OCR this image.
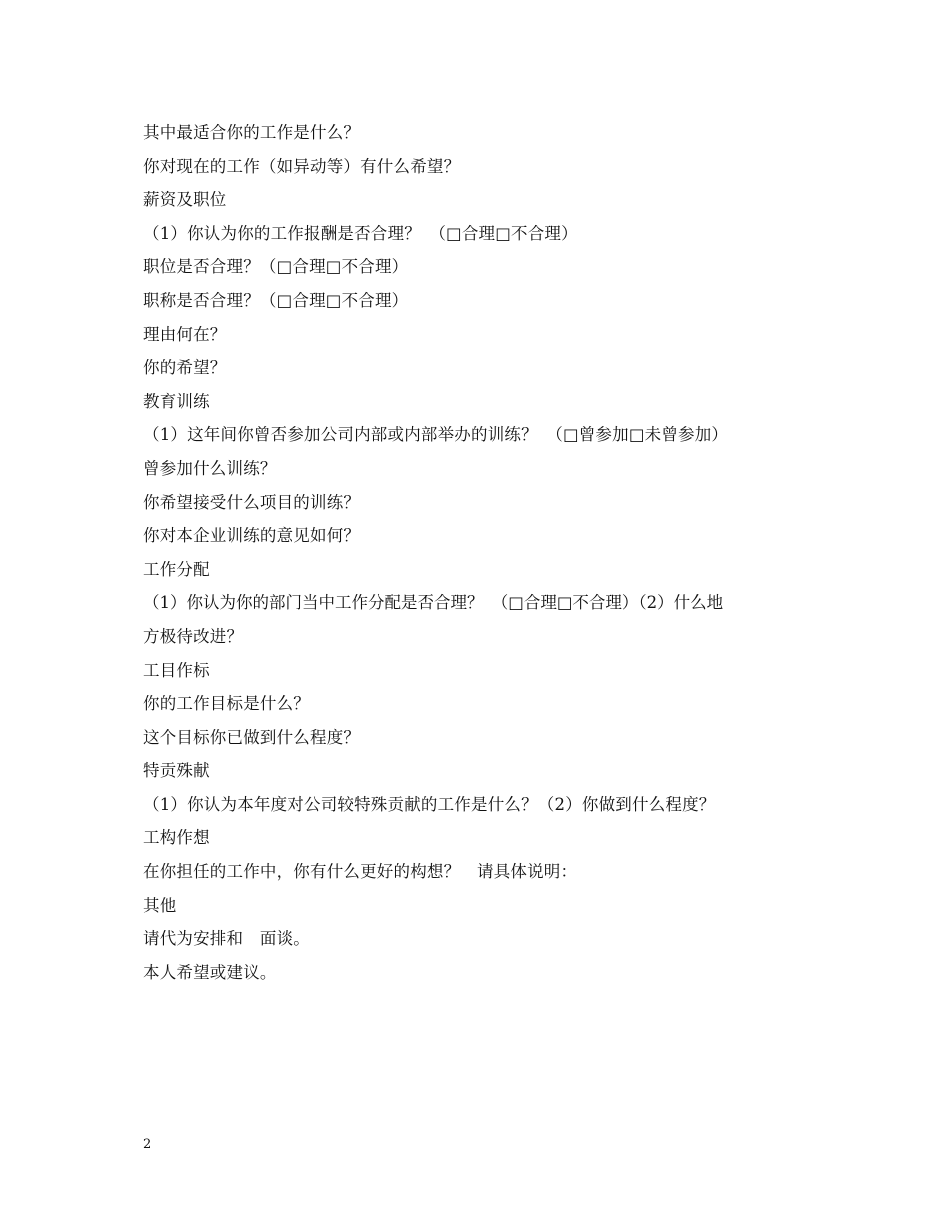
其中最适合你的工作是什么？
你对现在的工作（如异动等）有什么希望？
薪资及职位
（1）你认为你的工作报酬是否合理？　（□合理□不合理）
职位是否合理？（□合理□不合理）
职称是否合理？（□合理□不合理）
理由何在？
你的希望？
教育训练
（1）这年间你曾否参加公司内部或内部举办的训练？　（□曾参加□未曾参加）
曾参加什么训练？
你希望接受什么项目的训练？
你对本企业训练的意见如何？
工作分配
（1）你认为你的部门当中工作分配是否合理？　（□合理□不合理）（2）什么地
方极待改进？
工目作标
你的工作目标是什么？
这个目标你已做到什么程度？
特贡殊献
（1）你认为本年度对公司较特殊贡献的工作是什么？（2）你做到什么程度？
工构作想
在你担任的工作中，你有什么更好的构想？　请具体说明：
其他
请代为安排和　面谈。
本人希望或建议。
2
